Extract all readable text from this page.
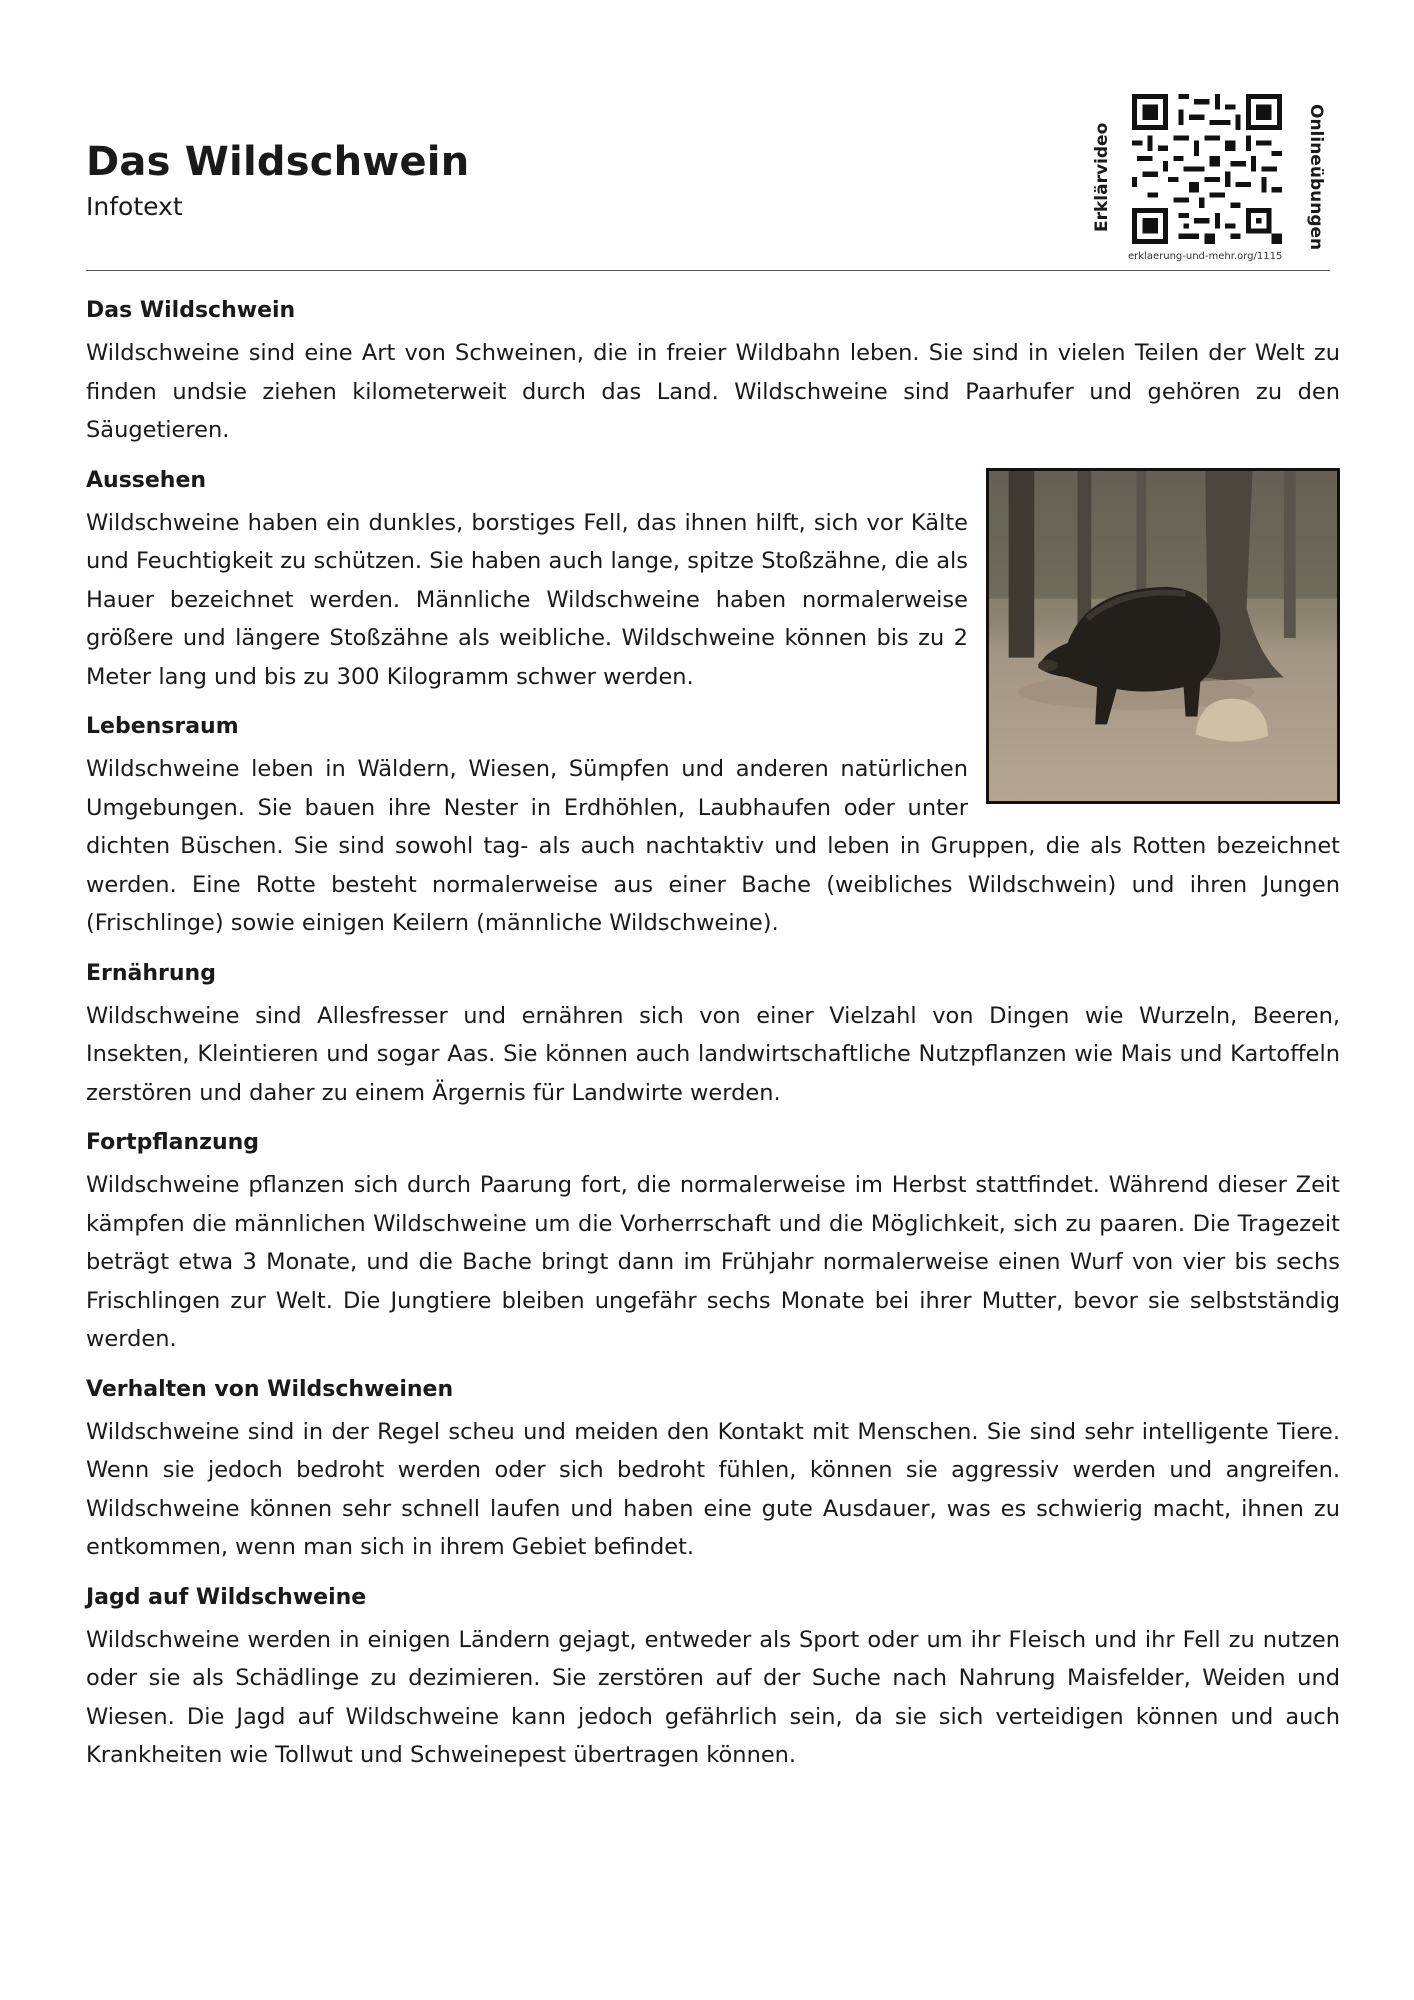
Das Wildschwein
Infotext	Erklärvideo	Onlineübungen
erklaerung-und-mehr.org/1115
Das Wildschwein

Wildschweine sind eine Art von Schweinen, die in freier Wildbahn leben. Sie sind in vielen Teilen der Welt zu finden undsie ziehen kilometerweit durch das Land. Wildschweine sind Paarhufer und gehören zu den Säugetieren.

Aussehen

Wildschweine haben ein dunkles, borstiges Fell, das ihnen hilft, sich vor Kälte und Feuchtigkeit zu schützen. Sie haben auch lange, spitze Stoßzähne, die als Hauer bezeichnet werden. Männliche Wildschweine haben normalerweise größere und längere Stoßzähne als weibliche. Wildschweine können bis zu 2 Meter lang und bis zu 300 Kilogramm schwer werden.

Lebensraum

Wildschweine leben in Wäldern, Wiesen, Sümpfen und anderen natürlichen Umgebungen. Sie bauen ihre Nester in Erdhöhlen, Laubhaufen oder unter dichten Büschen. Sie sind sowohl tag- als auch nachtaktiv und leben in Gruppen, die als Rotten bezeichnet werden. Eine Rotte besteht normalerweise aus einer Bache (weibliches Wildschwein) und ihren Jungen (Frischlinge) sowie einigen Keilern (männliche Wildschweine).

Ernährung

Wildschweine sind Allesfresser und ernähren sich von einer Vielzahl von Dingen wie Wurzeln, Beeren, Insekten, Kleintieren und sogar Aas. Sie können auch landwirtschaftliche Nutzpflanzen wie Mais und Kartoffeln zerstören und daher zu einem Ärgernis für Landwirte werden.

Fortpflanzung

Wildschweine pflanzen sich durch Paarung fort, die normalerweise im Herbst stattfindet. Während dieser Zeit kämpfen die männlichen Wildschweine um die Vorherrschaft und die Möglichkeit, sich zu paaren. Die Tragezeit beträgt etwa 3 Monate, und die Bache bringt dann im Frühjahr normalerweise einen Wurf von vier bis sechs Frischlingen zur Welt. Die Jungtiere bleiben ungefähr sechs Monate bei ihrer Mutter, bevor sie selbstständig werden.

Verhalten von Wildschweinen

Wildschweine sind in der Regel scheu und meiden den Kontakt mit Menschen. Sie sind sehr intelligente Tiere. Wenn sie jedoch bedroht werden oder sich bedroht fühlen, können sie aggressiv werden und angreifen. Wildschweine können sehr schnell laufen und haben eine gute Ausdauer, was es schwierig macht, ihnen zu entkommen, wenn man sich in ihrem Gebiet befindet.

Jagd auf Wildschweine

Wildschweine werden in einigen Ländern gejagt, entweder als Sport oder um ihr Fleisch und ihr Fell zu nutzen oder sie als Schädlinge zu dezimieren. Sie zerstören auf der Suche nach Nahrung Maisfelder, Weiden und Wiesen. Die Jagd auf Wildschweine kann jedoch gefährlich sein, da sie sich verteidigen können und auch Krankheiten wie Tollwut und Schweinepest übertragen können.
